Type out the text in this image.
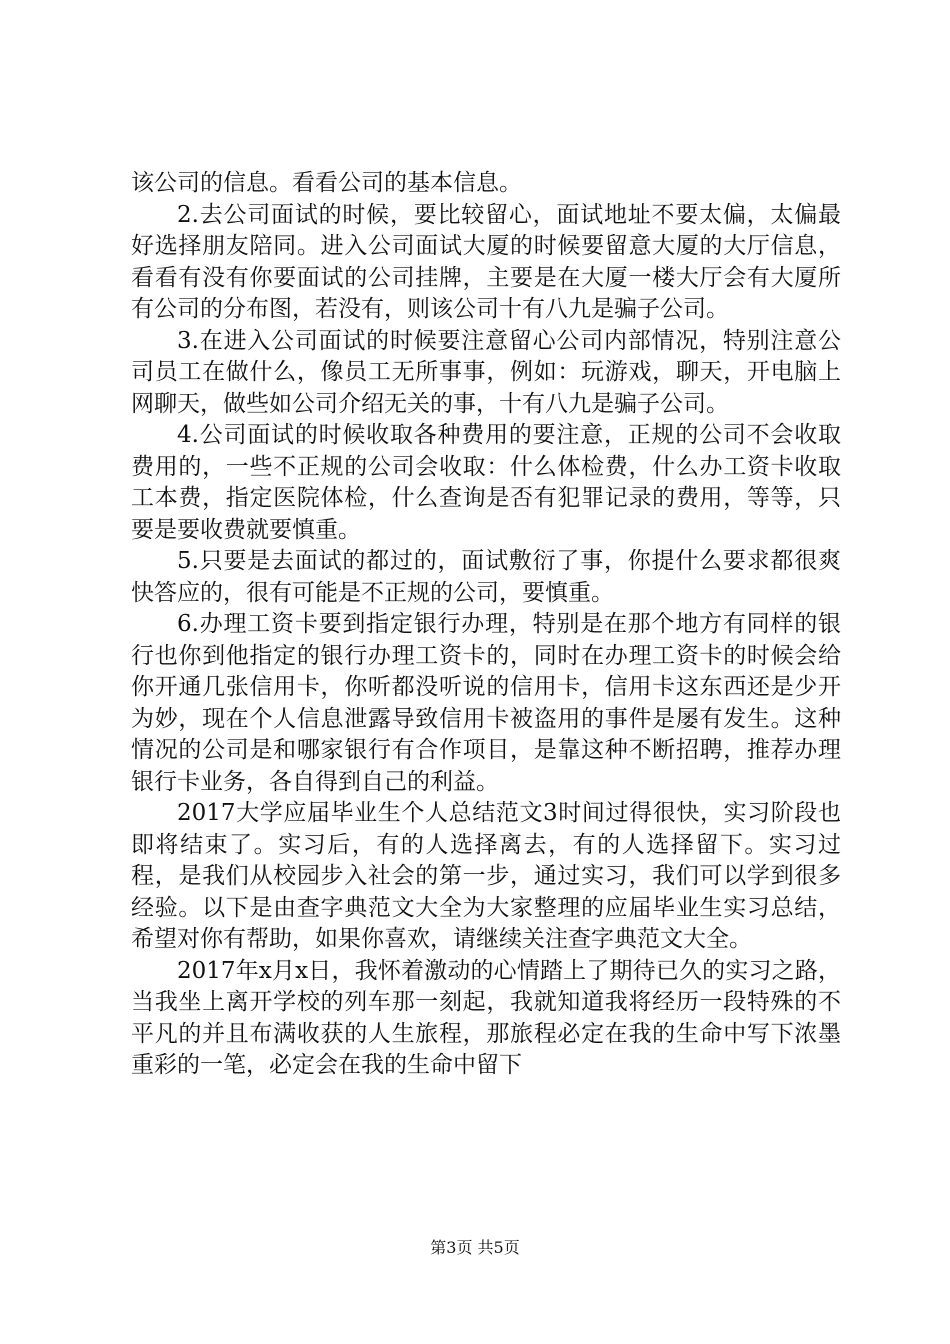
该公司的信息。看看公司的基本信息。

2.去公司面试的时候，要比较留心，面试地址不要太偏，太偏最好选择朋友陪同。进入公司面试大厦的时候要留意大厦的大厅信息，看看有没有你要面试的公司挂牌，主要是在大厦一楼大厅会有大厦所有公司的分布图，若没有，则该公司十有八九是骗子公司。

3.在进入公司面试的时候要注意留心公司内部情况，特别注意公司员工在做什么，像员工无所事事，例如：玩游戏，聊天，开电脑上网聊天，做些如公司介绍无关的事，十有八九是骗子公司。

4.公司面试的时候收取各种费用的要注意，正规的公司不会收取费用的，一些不正规的公司会收取：什么体检费，什么办工资卡收取工本费，指定医院体检，什么查询是否有犯罪记录的费用，等等，只要是要收费就要慎重。

5.只要是去面试的都过的，面试敷衍了事，你提什么要求都很爽快答应的，很有可能是不正规的公司，要慎重。

6.办理工资卡要到指定银行办理，特别是在那个地方有同样的银行也你到他指定的银行办理工资卡的，同时在办理工资卡的时候会给你开通几张信用卡，你听都没听说的信用卡，信用卡这东西还是少开为妙，现在个人信息泄露导致信用卡被盗用的事件是屡有发生。这种情况的公司是和哪家银行有合作项目，是靠这种不断招聘，推荐办理银行卡业务，各自得到自己的利益。

2017大学应届毕业生个人总结范文3时间过得很快，实习阶段也即将结束了。实习后，有的人选择离去，有的人选择留下。实习过程，是我们从校园步入社会的第一步，通过实习，我们可以学到很多经验。以下是由查字典范文大全为大家整理的应届毕业生实习总结，希望对你有帮助，如果你喜欢，请继续关注查字典范文大全。

2017年x月x日，我怀着激动的心情踏上了期待已久的实习之路，当我坐上离开学校的列车那一刻起，我就知道我将经历一段特殊的不平凡的并且布满收获的人生旅程，那旅程必定在我的生命中写下浓墨重彩的一笔，必定会在我的生命中留下

第3页 共5页
